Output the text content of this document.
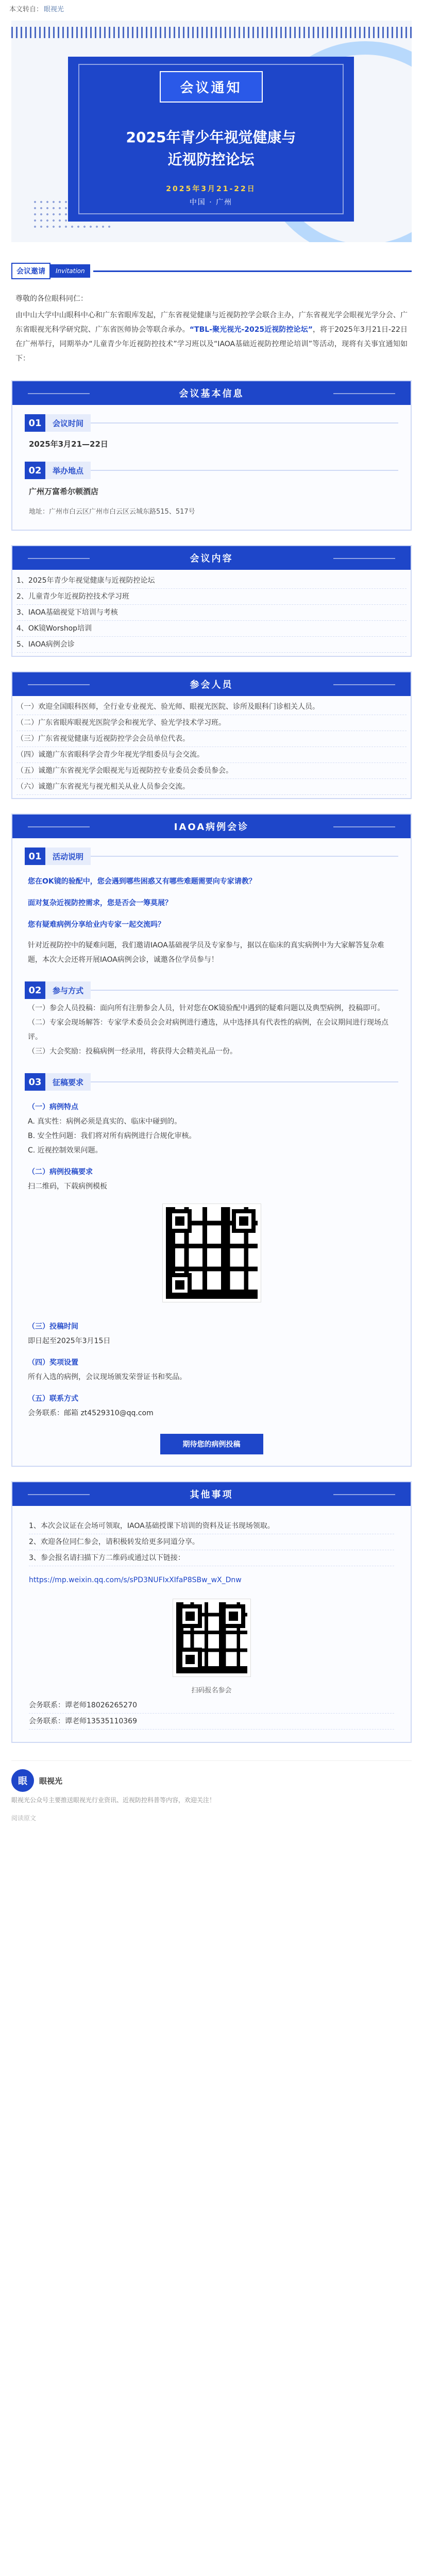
本文转自： 眼视光
会议通知
2025年青少年视觉健康与
近视防控论坛
2025年3月21-22日
中国 · 广州
会议邀请	Invitation

尊敬的各位眼科同仁：

由中山大学中山眼科中心和广东省眼库发起，广东省视觉健康与近视防控学会联合主办，广东省视光学会眼视光学分会、广东省眼视光科学研究院、广东省医师协会等联合承办。“TBL-聚光视光-2025近视防控论坛”，将于2025年3月21日-22日在广州举行，同期举办“儿童青少年近视防控技术”学习班以及“IAOA基础近视防控理论培训”等活动，现将有关事宜通知如下：

会议基本信息
01	会议时间
2025年3月21—22日
02	举办地点
广州万富希尔顿酒店
地址：广州市白云区广州市白云区云城东路515、517号
会议内容
1、2025年青少年视觉健康与近视防控论坛
2、儿童青少年近视防控技术学习班
3、IAOA基础视觉下培训与考核
4、OK镜Worshop培训
5、IAOA病例会诊
参会人员
（一）欢迎全国眼科医师，全行业专业视光、验光师、眼视光医院、诊所及眼科门诊相关人员。
（二）广东省眼库眼视光医院学会和视光学、验光学技术学习班。
（三）广东省视觉健康与近视防控学会会员单位代表。
（四）诚邀广东省眼科学会青少年视光学组委员与会交流。
（五）诚邀广东省视光学会眼视光与近视防控专业委员会委员参会。
（六）诚邀广东省视光与视光相关从业人员参会交流。
IAOA病例会诊
01	活动说明
您在OK镜的验配中，您会遇到哪些困惑又有哪些难题需要向专家请教？
面对复杂近视防控需求，您是否会一筹莫展？
您有疑难病例分享给业内专家一起交流吗？
针对近视防控中的疑难问题，我们邀请IAOA基础视学员及专家参与，据以在临床的真实病例中为大家解答复杂难题，本次大会还将开展IAOA病例会诊，诚邀各位学员参与！
02	参与方式
（一）参会人员投稿：面向所有注册参会人员，针对您在OK镜验配中遇到的疑难问题以及典型病例，投稿即可。
（二）专家会现场解答：专家学术委员会会对病例进行遴选，从中选择具有代表性的病例，在会议期间进行现场点评。
（三）大会奖励：投稿病例一经录用，将获得大会精美礼品一份。
03	征稿要求
（一）病例特点
A. 真实性：病例必须是真实的、临床中碰到的。
B. 安全性问题：我们将对所有病例进行合规化审核。
C. 近视控制效果问题。
（二）病例投稿要求
扫二维码，下载病例模板
（三）投稿时间
即日起至2025年3月15日
（四）奖项设置
所有入选的病例，会议现场颁发荣誉证书和奖品。
（五）联系方式
会务联系：邮箱 zt4529310@qq.com
期待您的病例投稿
其他事项
1、本次会议证在会场可领取，IAOA基础授课下培训的资料及证书现场领取。
2、欢迎各位同仁参会，请积极转发给更多同道分享。
3、参会报名请扫描下方二维码或通过以下链接：
https://mp.weixin.qq.com/s/sPD3NUFIxXIfaP8SBw_wX_Dnw
扫码报名参会
会务联系：谭老师18026265270
会务联系：谭老师13535110369
眼	眼视光
眼视光公众号主要推送眼视光行业资讯、近视防控科普等内容，欢迎关注！
阅读原文
